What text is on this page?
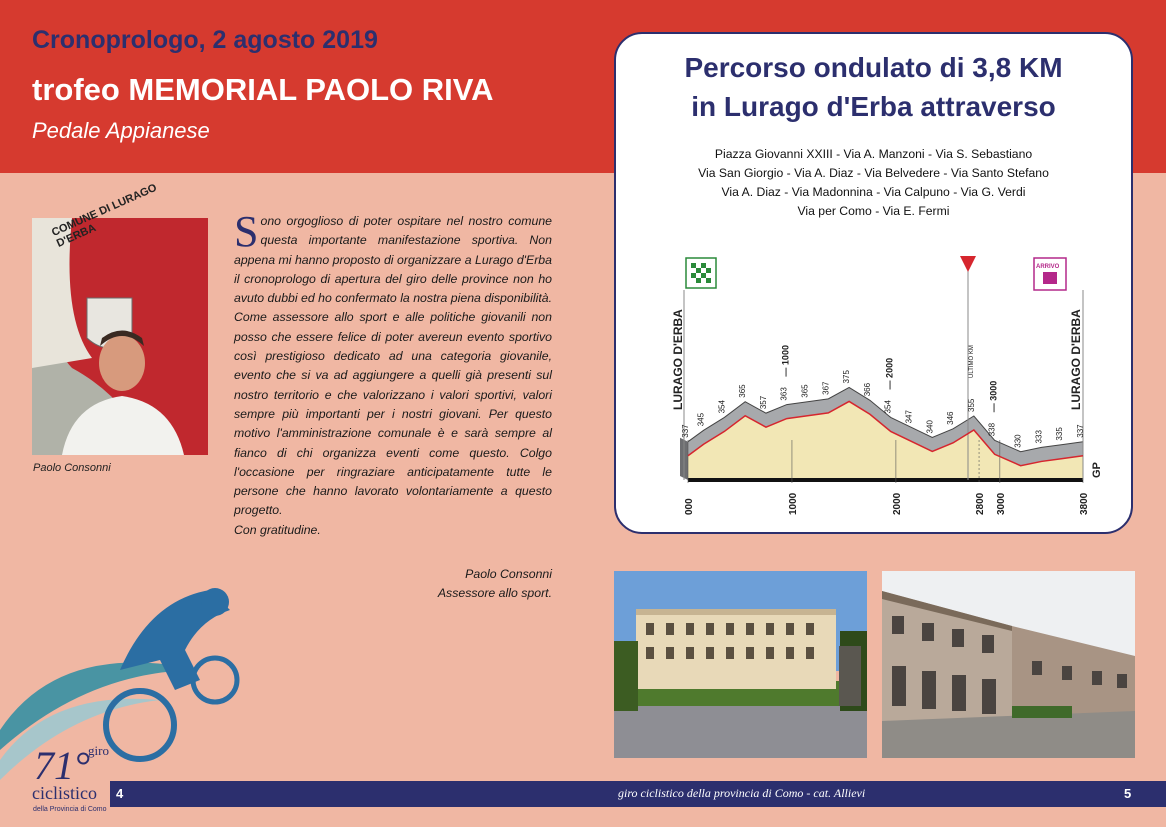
Cronoprologo, 2 agosto 2019
trofeo MEMORIAL PAOLO RIVA
Pedale Appianese
COMUNE DI LURAGO D'ERBA
Paolo Consonni

Sono orgoglioso di poter ospitare nel nostro comune questa importante manifestazione sportiva. Non appena mi hanno proposto di organizzare a Lurago d'Erba il cronoprologo di apertura del giro delle province non ho avuto dubbi ed ho confermato la nostra piena disponibilità. Come assessore allo sport e alle politiche giovanili non posso che essere felice di poter avereun evento sportivo così prestigioso dedicato ad una categoria giovanile, evento che si va ad aggiungere a quelli già presenti sul nostro territorio e che valorizzano i valori sportivi, valori sempre più importanti per i nostri giovani. Per questo motivo l'amministrazione comunale è e sarà sempre al fianco di chi organizza eventi come questo. Colgo l'occasione per ringraziare anticipatamente tutte le persone che hanno lavorato volontariamente a questo progetto.
Con gratitudine.

Paolo Consonni
Assessore allo sport.
Percorso ondulato di 3,8 KM
in Lurago d'Erba attraverso
Piazza Giovanni XXIII - Via A. Manzoni - Via S. Sebastiano
Via San Giorgio - Via A. Diaz - Via Belvedere - Via Santo Stefano
Via A. Diaz - Via Madonnina - Via Calpuno - Via G. Verdi
Via per Como - Via E. Fermi
337
345
354
365
357
363 365 367
375
366
354
347
340
346
355
338
330 333 335 337
— 1000	— 2000
— 3000
000	1000	2000	2800 3000	3800
LURAGO D'ERBA	LURAGO D'ERBA
ULTIMO KM
GP
ARRIVO
71°
giro
ciclistico
della Provincia di Como
4	giro ciclistico della provincia di Como - cat. Allievi	5
